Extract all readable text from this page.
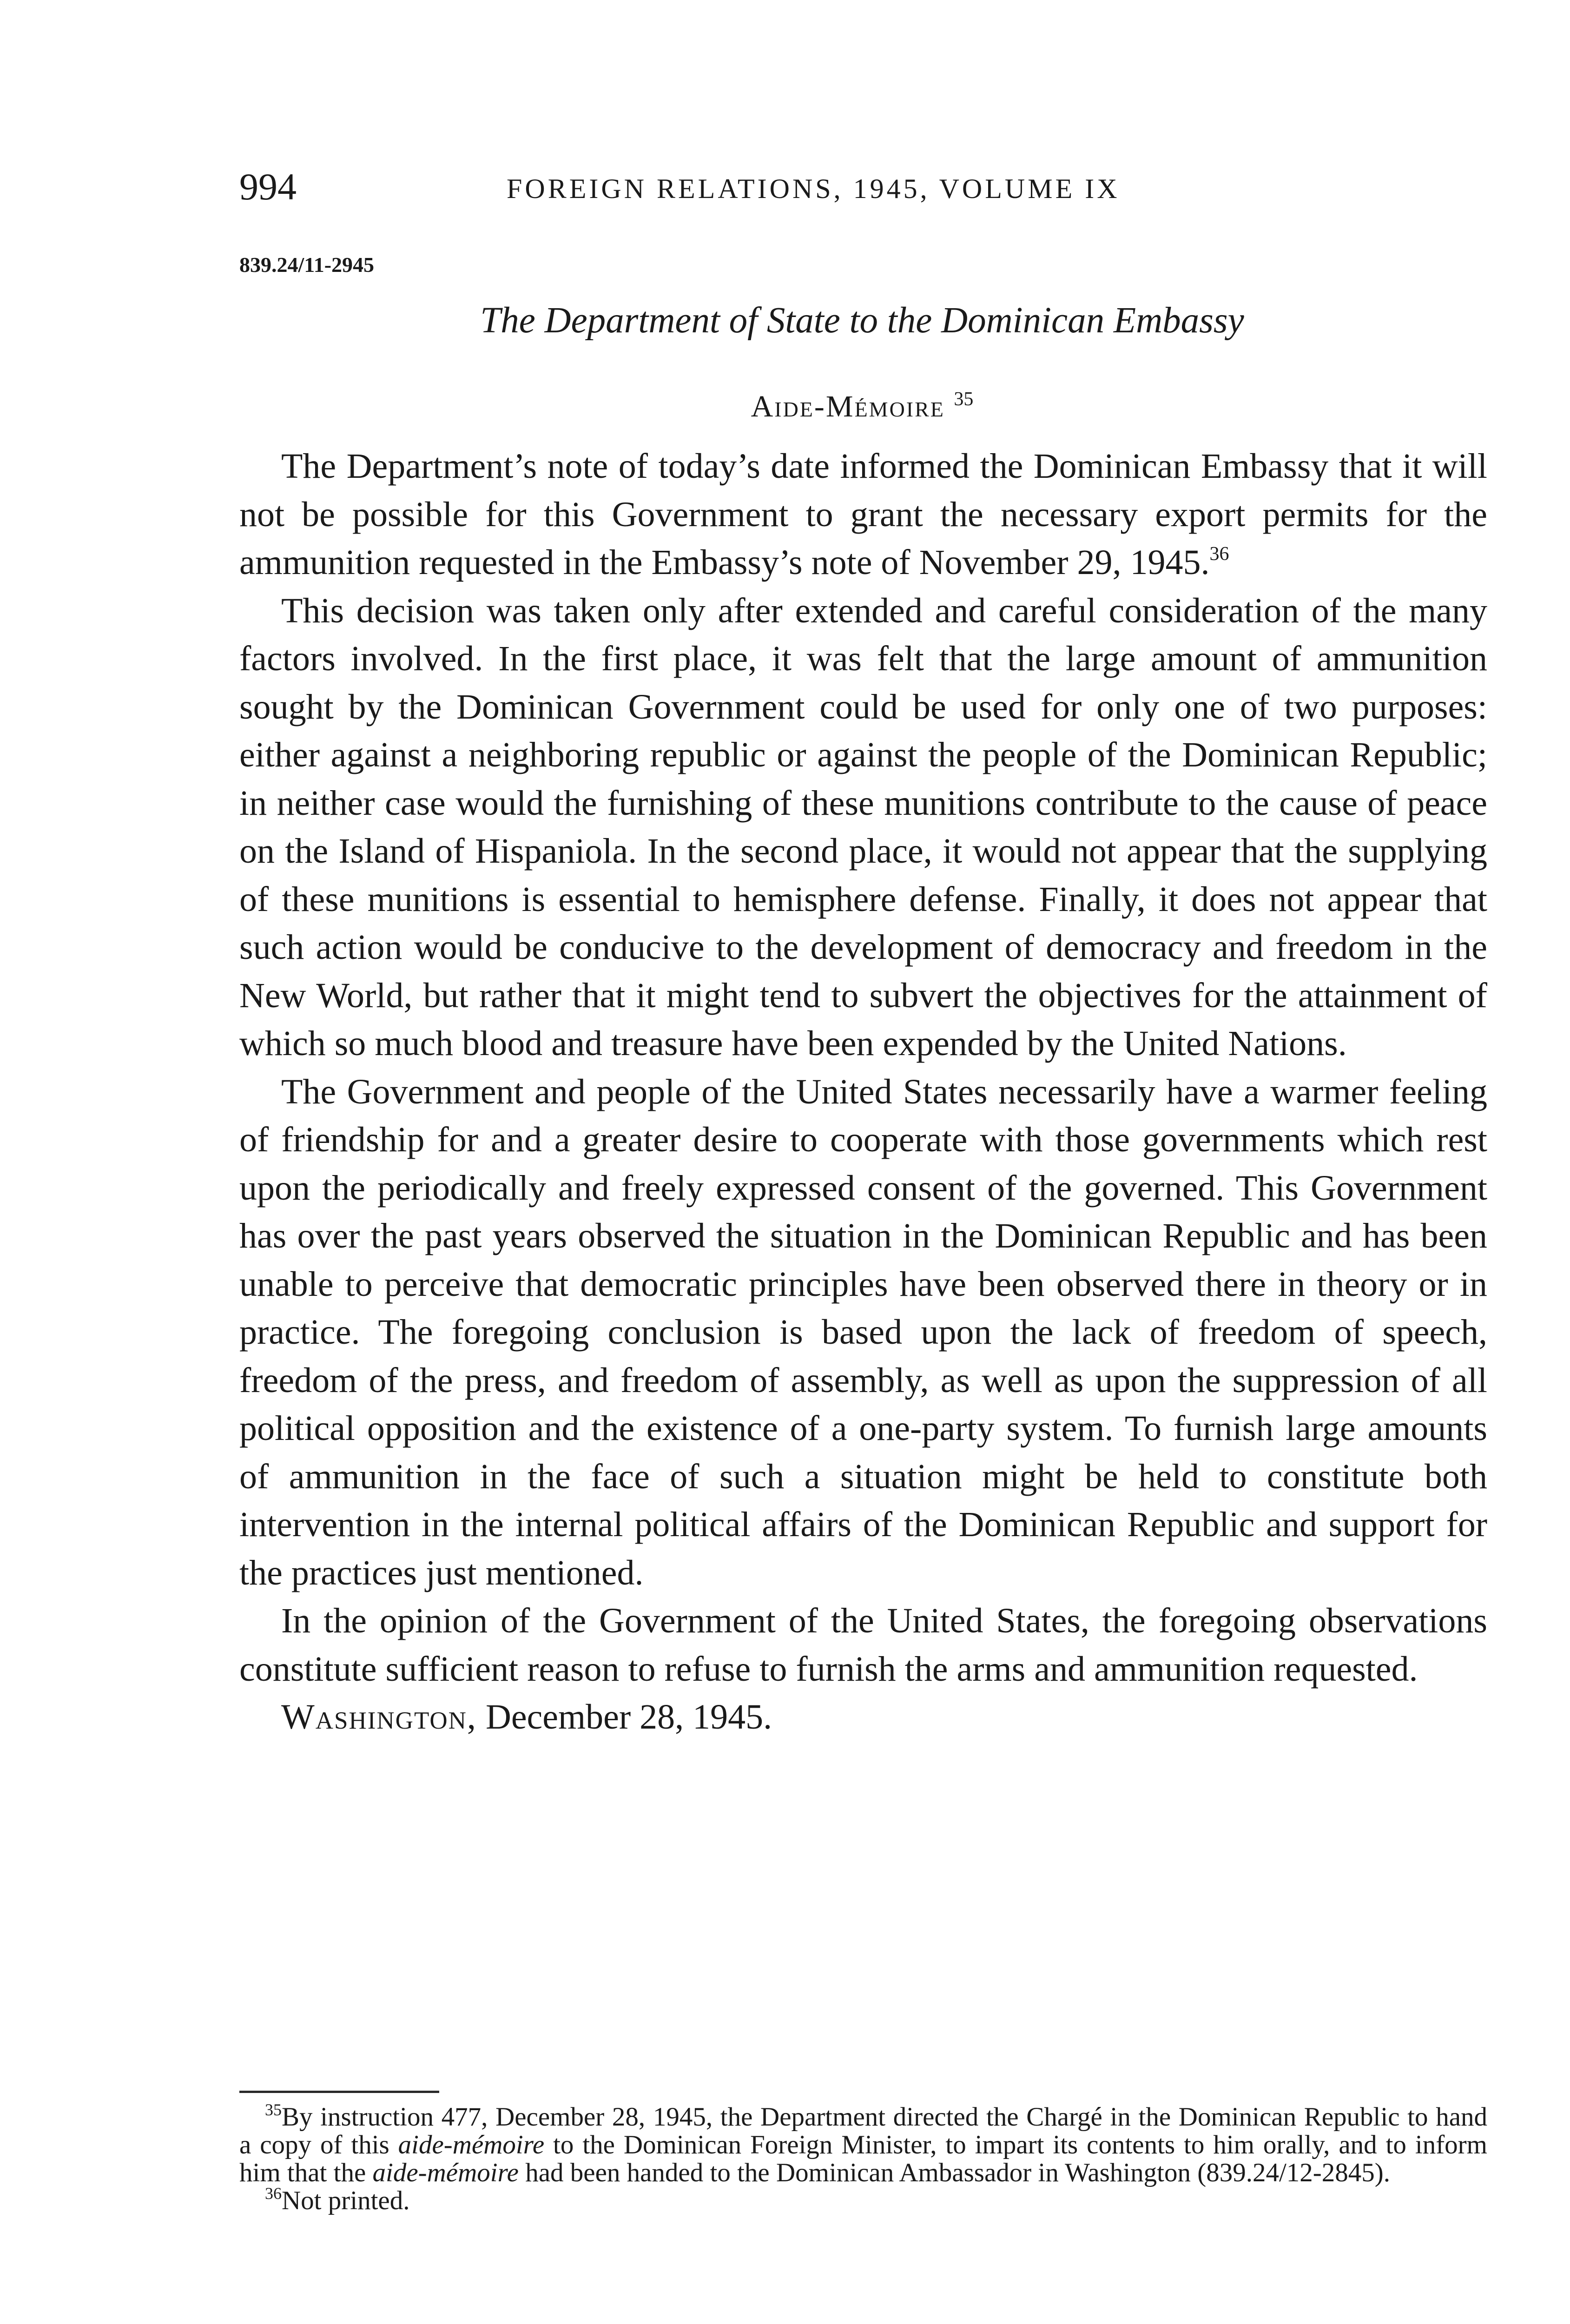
994	FOREIGN RELATIONS, 1945, VOLUME IX
839.24/11-2945
The Department of State to the Dominican Embassy
Aide-Mémoire $^{35}$

The Department’s note of today’s date informed the Dominican Embassy that it will not be possible for this Government to grant the necessary export permits for the ammunition requested in the Embassy’s note of November 29, 1945.36

This decision was taken only after extended and careful consideration of the many factors involved. In the first place, it was felt that the large amount of ammunition sought by the Dominican Government could be used for only one of two purposes: either against a neighboring republic or against the people of the Dominican Republic; in neither case would the furnishing of these munitions contribute to the cause of peace on the Island of Hispaniola. In the second place, it would not appear that the supplying of these munitions is essential to hemisphere defense. Finally, it does not appear that such action would be conducive to the development of democracy and freedom in the New World, but rather that it might tend to subvert the objectives for the attainment of which so much blood and treasure have been expended by the United Nations.

The Government and people of the United States necessarily have a warmer feeling of friendship for and a greater desire to cooperate with those governments which rest upon the periodically and freely expressed consent of the governed. This Government has over the past years observed the situation in the Dominican Republic and has been unable to perceive that democratic principles have been observed there in theory or in practice. The foregoing conclusion is based upon the lack of freedom of speech, freedom of the press, and freedom of assembly, as well as upon the suppression of all political opposition and the existence of a one-party system. To furnish large amounts of ammunition in the face of such a situation might be held to constitute both intervention in the internal political affairs of the Dominican Republic and support for the practices just mentioned.

In the opinion of the Government of the United States, the foregoing observations constitute sufficient reason to refuse to furnish the arms and ammunition requested.

Washington, December 28, 1945.

$^{35}$By instruction 477, December 28, 1945, the Department directed the Chargé in the Dominican Republic to hand a copy of this aide-mémoire to the Dominican Foreign Minister, to impart its contents to him orally, and to inform him that the aide-mémoire had been handed to the Dominican Ambassador in Washington (839.24/12-2845).

$^{36}$Not printed.
